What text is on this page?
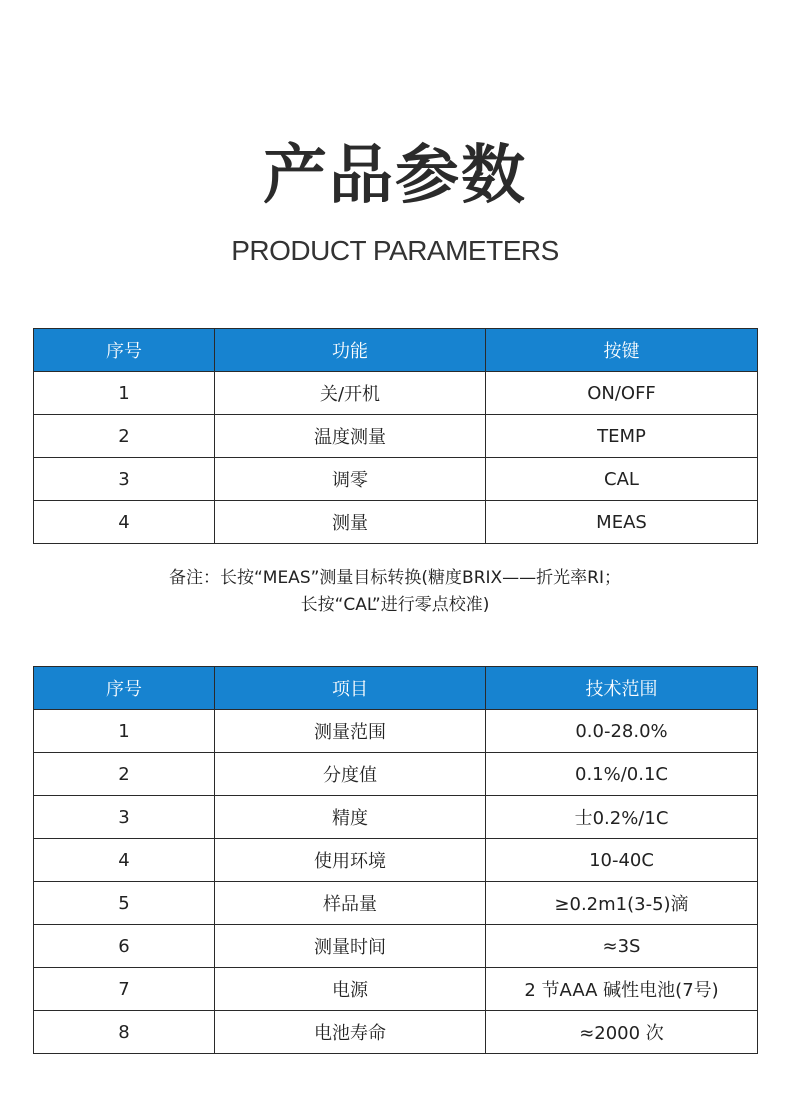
产品参数
PRODUCT PARAMETERS
序号	功能	按键
1	关/开机	ON/OFF
2	温度测量	TEMP
3	调零	CAL
4	测量	MEAS
备注：长按“MEAS”测量目标转换(糖度BRIX——折光率RI；
长按“CAL”进行零点校准)
序号	项目	技术范围
1	测量范围	0.0-28.0%
2	分度值	0.1%/0.1C
3	精度	士0.2%/1C
4	使用环境	10-40C
5	样品量	≥0.2m1(3-5)滴
6	测量时间	≈3S
7	电源	2 节AAA 碱性电池(7号)
8	电池寿命	≈2000 次
